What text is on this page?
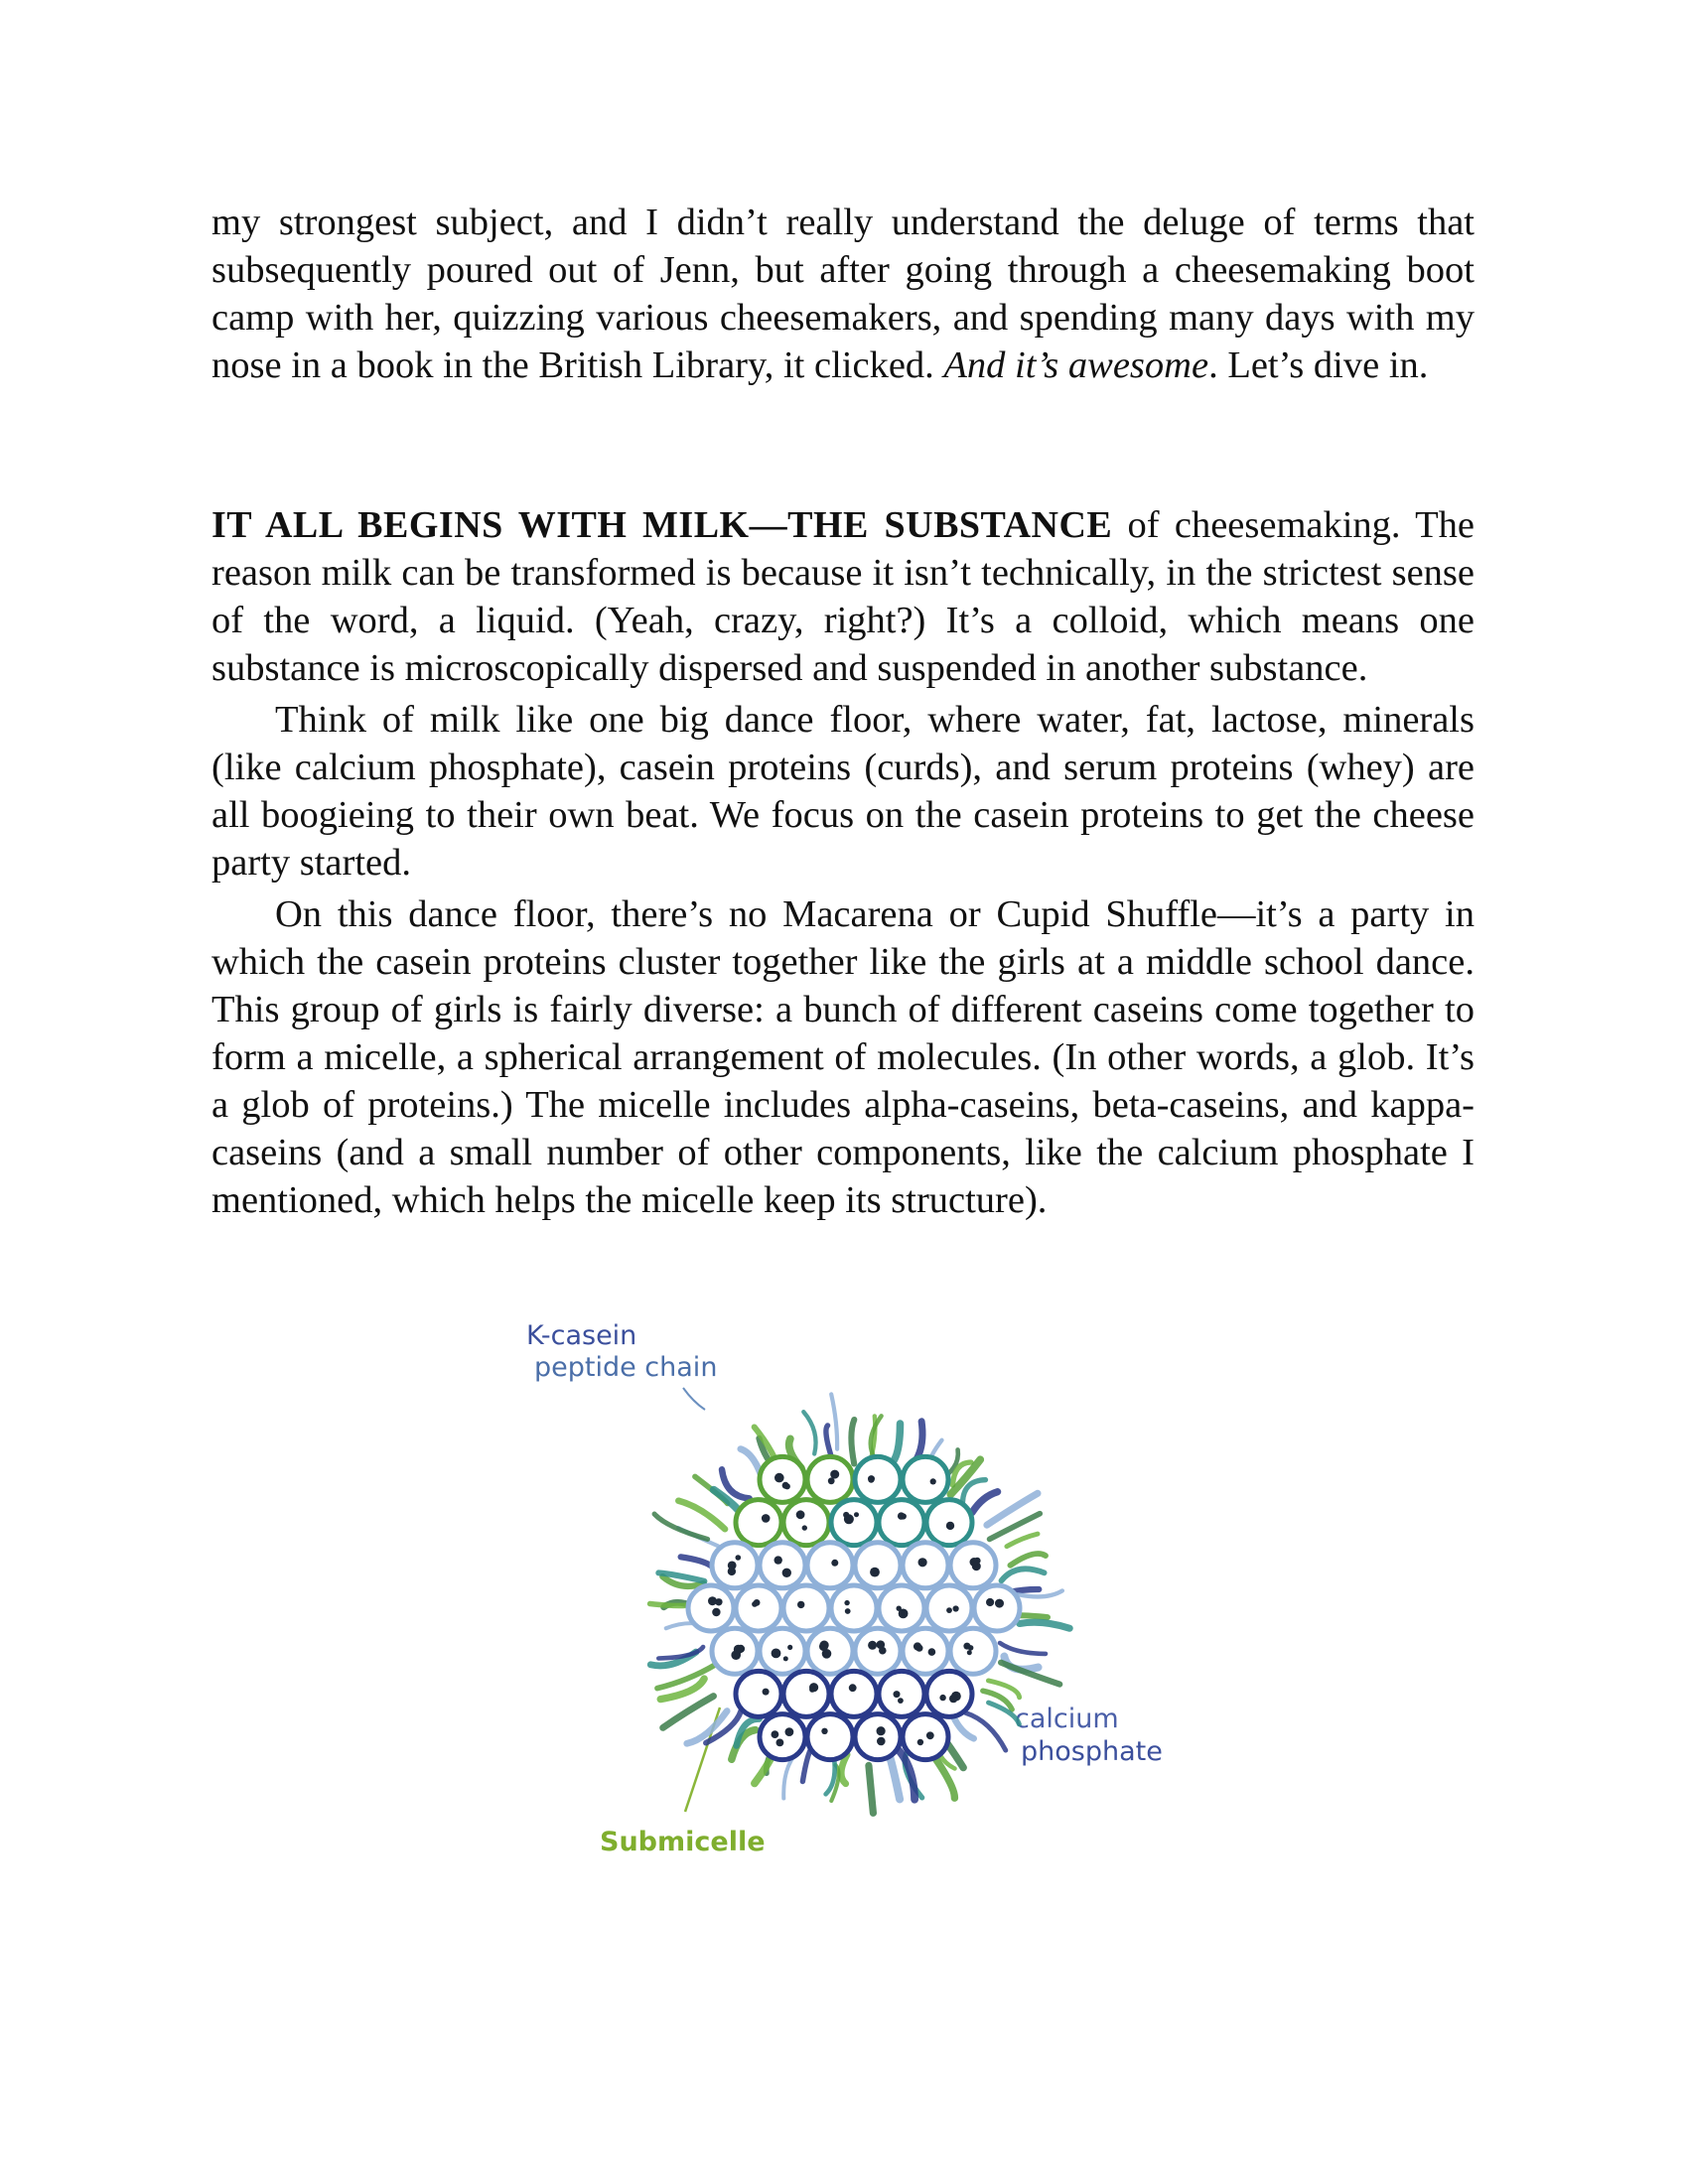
my strongest subject, and I didn’t really understand the deluge of terms that subsequently poured out of Jenn, but after going through a cheesemaking boot camp with her, quizzing various cheesemakers, and spending many days with my nose in a book in the British Library, it clicked. And it’s awesome. Let’s dive in.

IT ALL BEGINS WITH MILK—THE SUBSTANCE of cheesemaking. The reason milk can be transformed is because it isn’t technically, in the strictest sense of the word, a liquid. (Yeah, crazy, right?) It’s a colloid, which means one substance is microscopically dispersed and suspended in another substance.

Think of milk like one big dance floor, where water, fat, lactose, minerals (like calcium phosphate), casein proteins (curds), and serum proteins (whey) are all boogieing to their own beat. We focus on the casein proteins to get the cheese party started.

On this dance floor, there’s no Macarena or Cupid Shuffle—it’s a party in which the casein proteins cluster together like the girls at a middle school dance. This group of girls is fairly diverse: a bunch of different caseins come together to form a micelle, a spherical arrangement of molecules. (In other words, a glob. It’s a glob of proteins.) The micelle includes alpha-caseins, beta-caseins, and kappa-caseins (and a small number of other components, like the calcium phosphate I mentioned, which helps the micelle keep its structure).

K-casein
peptide chain
calcium
phosphate
Submicelle
